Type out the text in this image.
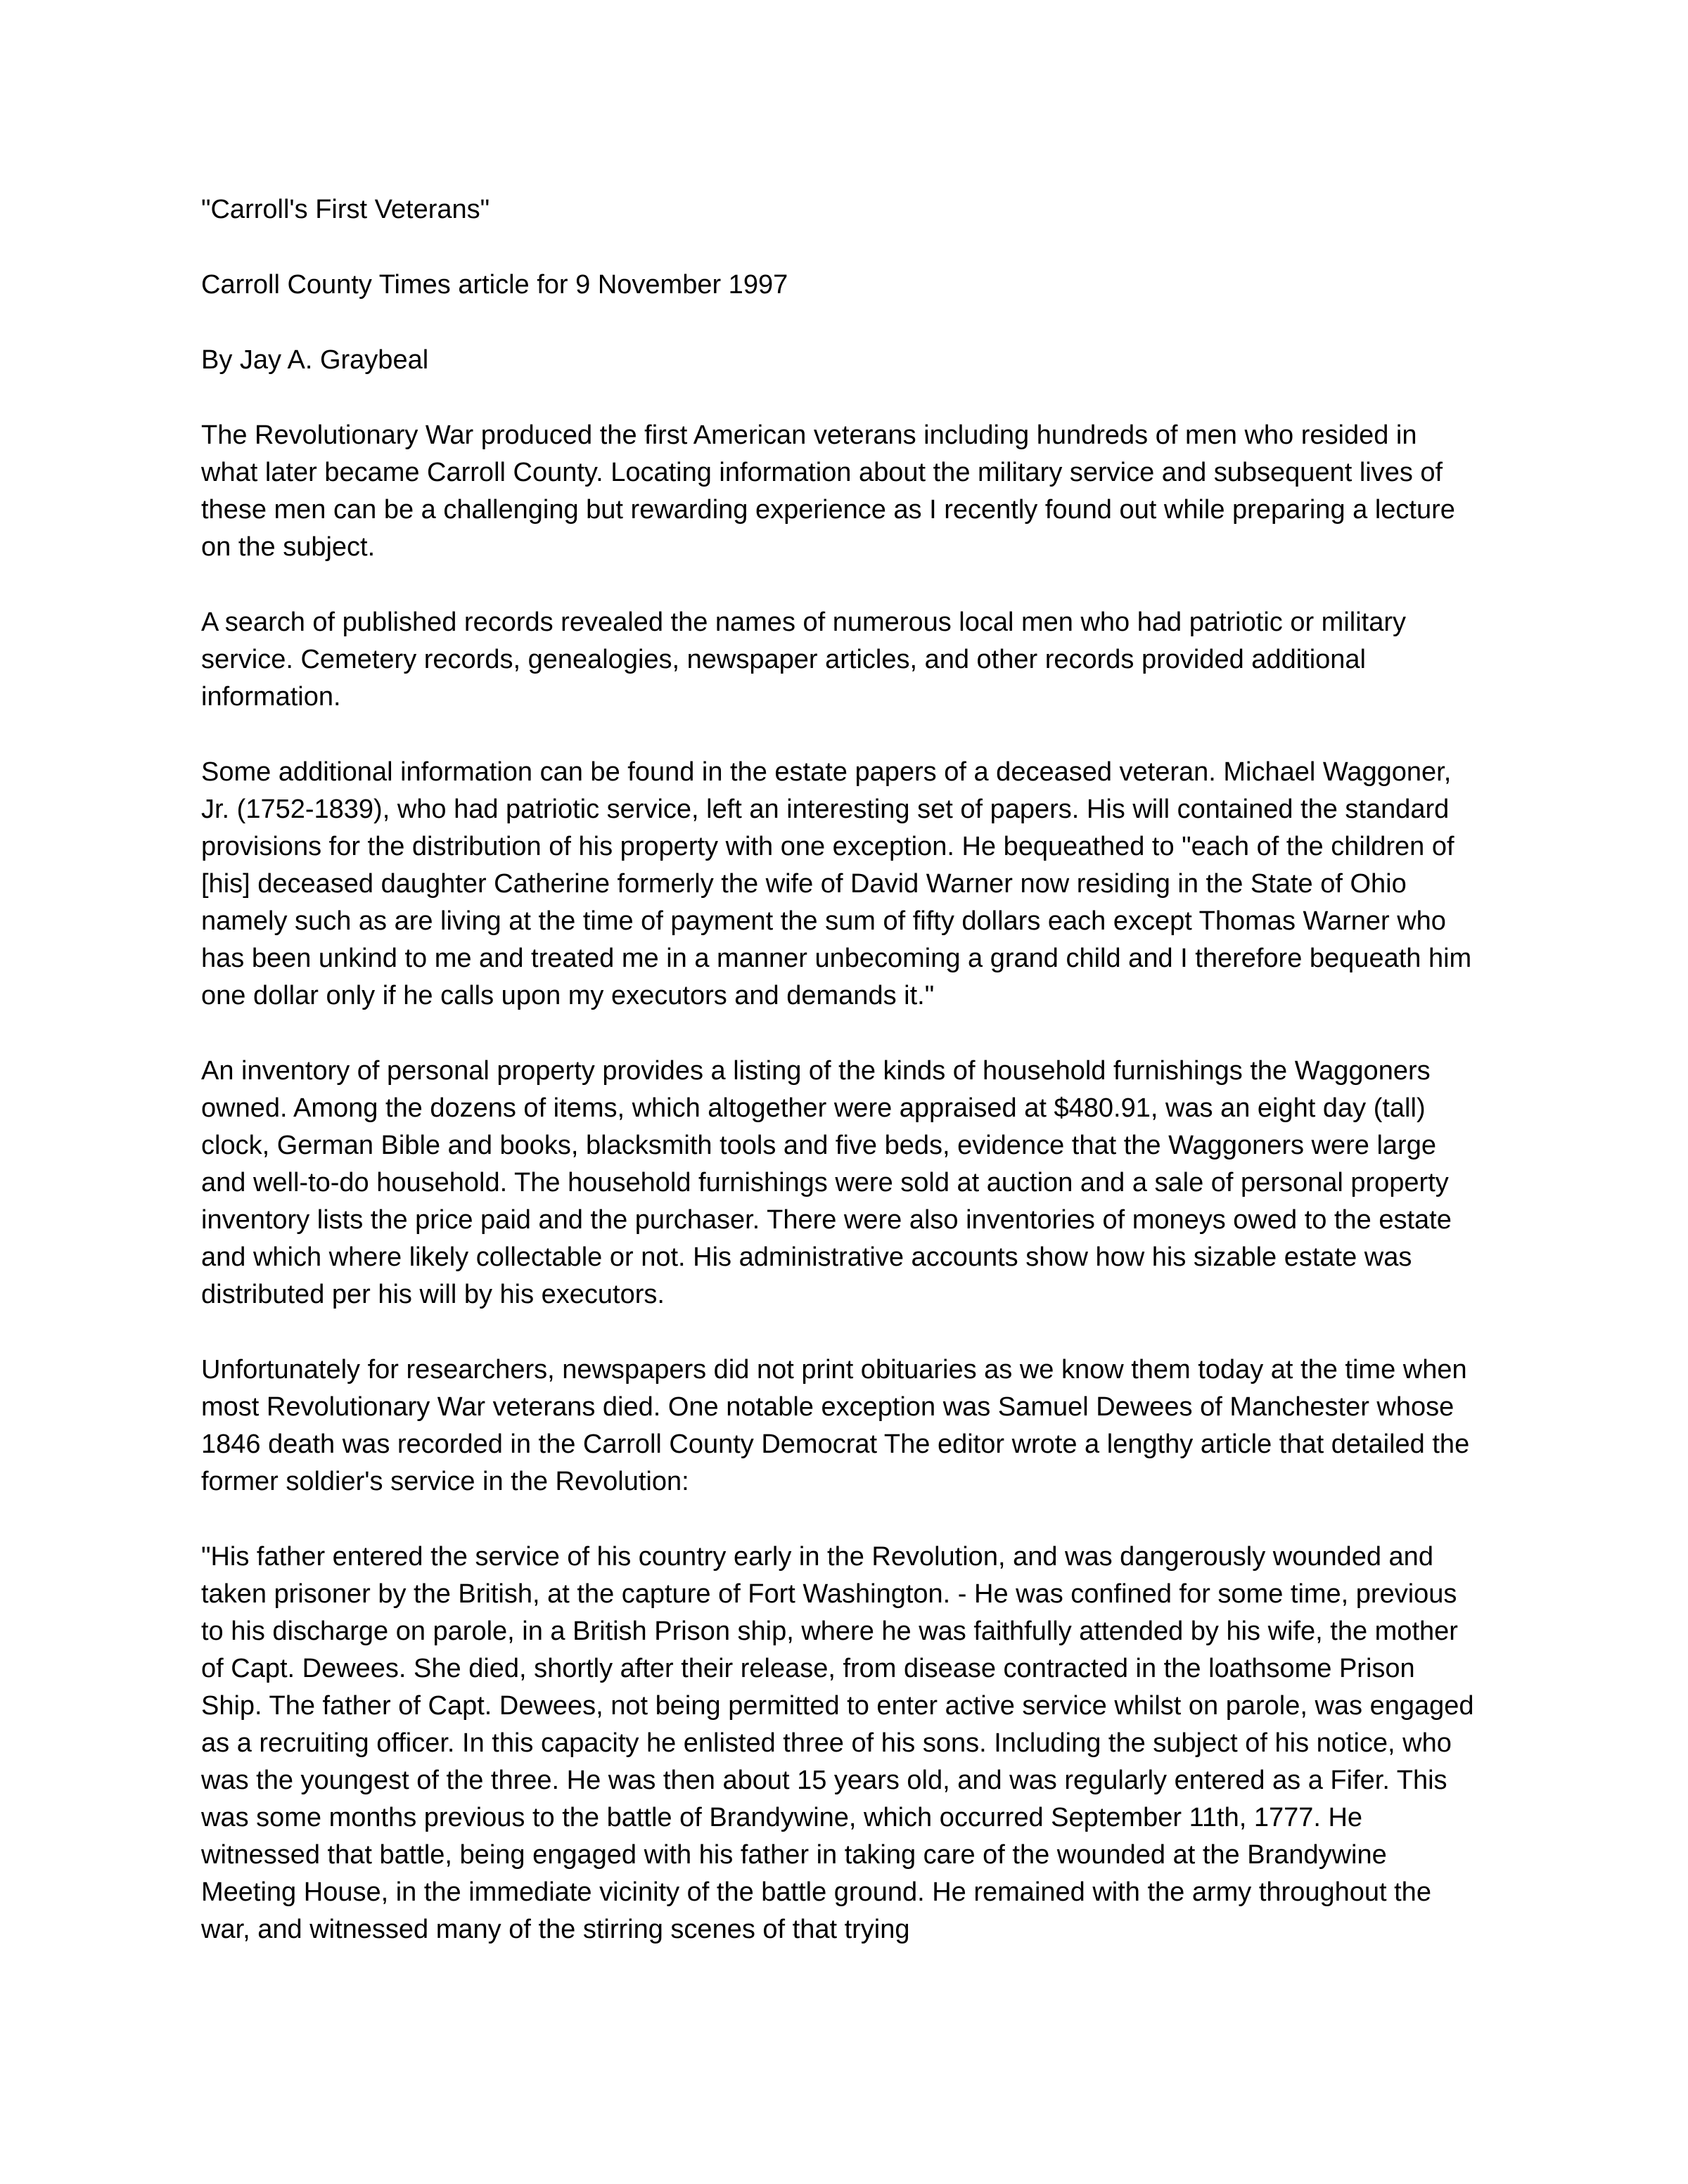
"Carroll's First Veterans"

Carroll County Times article for 9 November 1997

By Jay A. Graybeal

The Revolutionary War produced the first American veterans including hundreds of men who resided in what later became Carroll County. Locating information about the military service and subsequent lives of these men can be a challenging but rewarding experience as I recently found out while preparing a lecture on the subject.

A search of published records revealed the names of numerous local men who had patriotic or military service. Cemetery records, genealogies, newspaper articles, and other records provided additional information.

Some additional information can be found in the estate papers of a deceased veteran. Michael Waggoner, Jr. (1752-1839), who had patriotic service, left an interesting set of papers. His will contained the standard provisions for the distribution of his property with one exception. He bequeathed to "each of the children of [his] deceased daughter Catherine formerly the wife of David Warner now residing in the State of Ohio namely such as are living at the time of payment the sum of fifty dollars each except Thomas Warner who has been unkind to me and treated me in a manner unbecoming a grand child and I therefore bequeath him one dollar only if he calls upon my executors and demands it."

An inventory of personal property provides a listing of the kinds of household furnishings the Waggoners owned. Among the dozens of items, which altogether were appraised at $480.91, was an eight day (tall) clock, German Bible and books, blacksmith tools and five beds, evidence that the Waggoners were large and well-to-do household. The household furnishings were sold at auction and a sale of personal property inventory lists the price paid and the purchaser. There were also inventories of moneys owed to the estate and which where likely collectable or not. His administrative accounts show how his sizable estate was distributed per his will by his executors.

Unfortunately for researchers, newspapers did not print obituaries as we know them today at the time when most Revolutionary War veterans died. One notable exception was Samuel Dewees of Manchester whose 1846 death was recorded in the Carroll County Democrat The editor wrote a lengthy article that detailed the former soldier's service in the Revolution:

"His father entered the service of his country early in the Revolution, and was dangerously wounded and taken prisoner by the British, at the capture of Fort Washington. - He was confined for some time, previous to his discharge on parole, in a British Prison ship, where he was faithfully attended by his wife, the mother of Capt. Dewees. She died, shortly after their release, from disease contracted in the loathsome Prison Ship. The father of Capt. Dewees, not being permitted to enter active service whilst on parole, was engaged as a recruiting officer. In this capacity he enlisted three of his sons. Including the subject of his notice, who was the youngest of the three. He was then about 15 years old, and was regularly entered as a Fifer. This was some months previous to the battle of Brandywine, which occurred September 11th, 1777. He witnessed that battle, being engaged with his father in taking care of the wounded at the Brandywine Meeting House, in the immediate vicinity of the battle ground. He remained with the army throughout the war, and witnessed many of the stirring scenes of that trying
